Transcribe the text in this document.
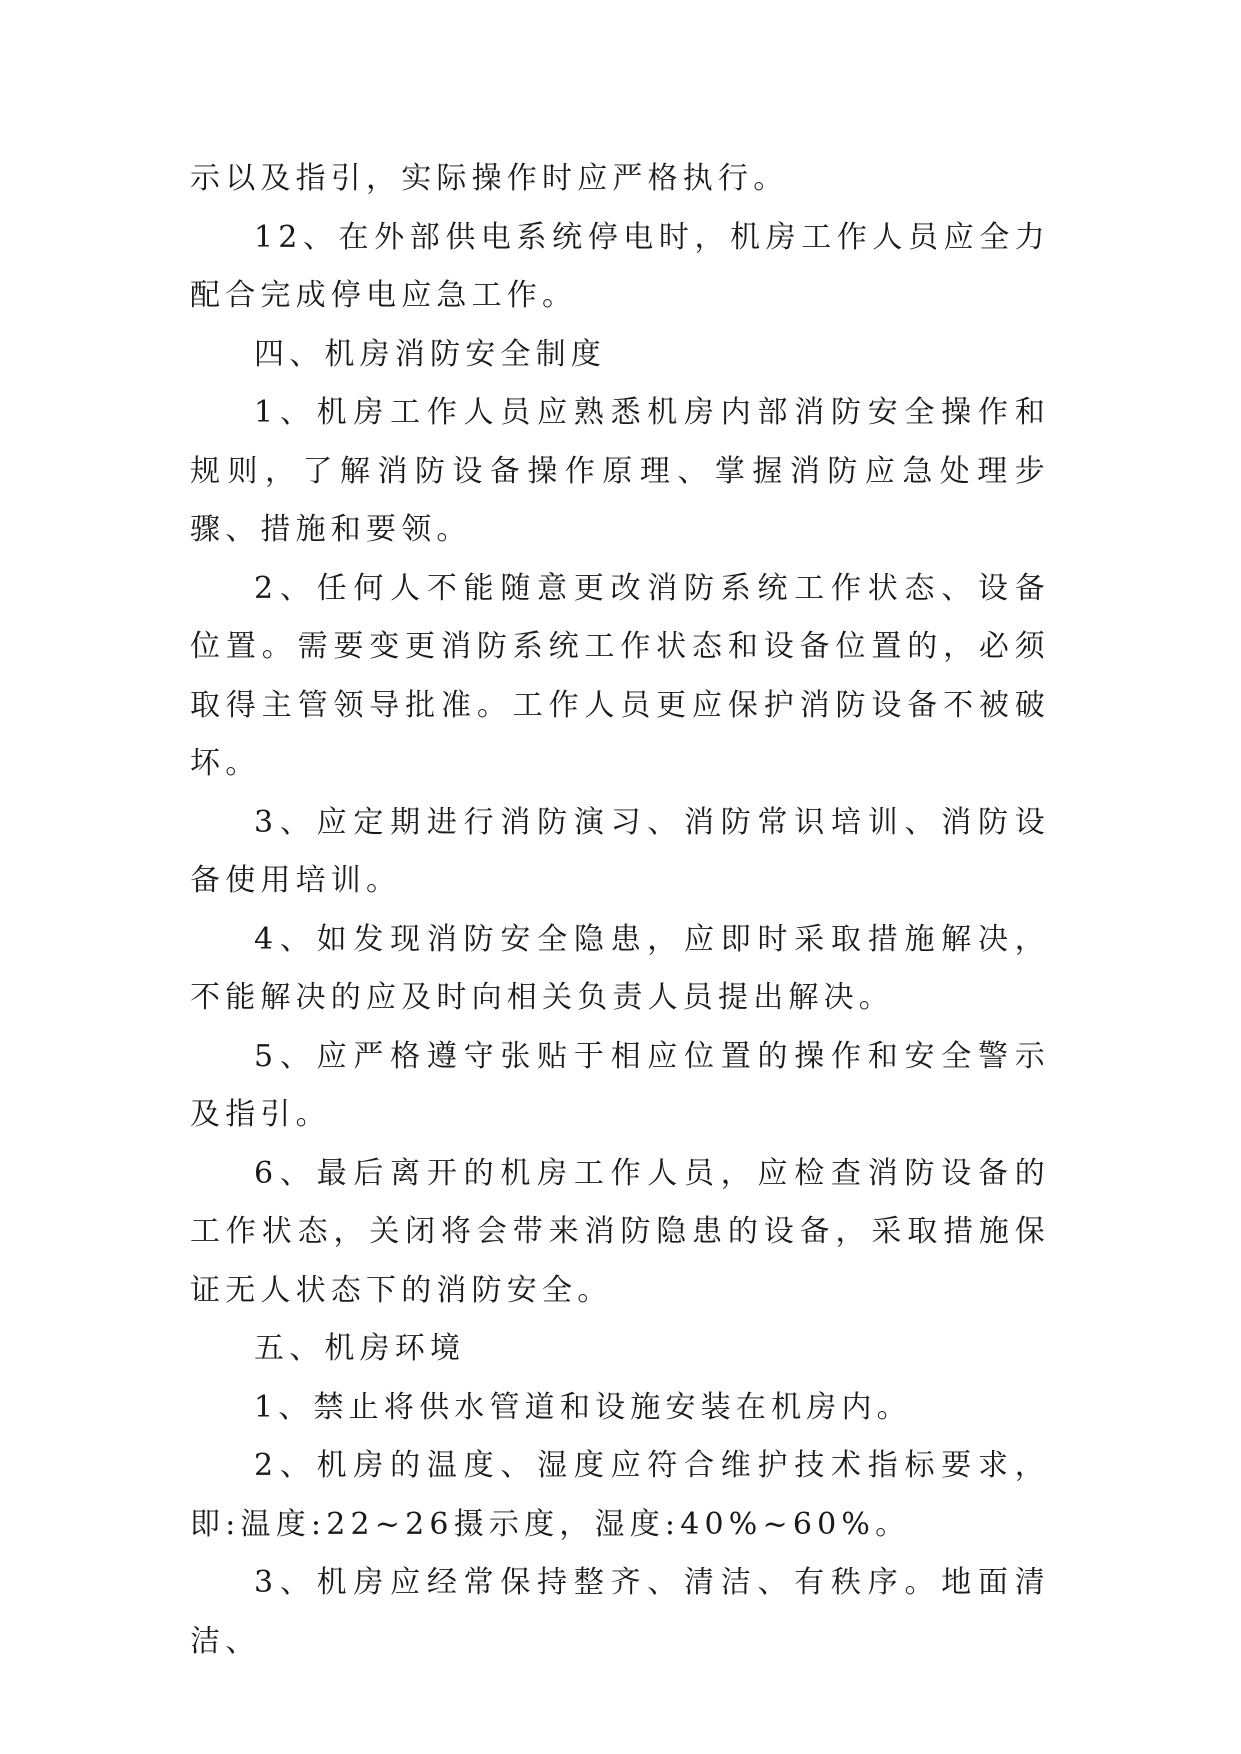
示以及指引，实际操作时应严格执行。

12、在外部供电系统停电时，机房工作人员应全力配合完成停电应急工作。

四、机房消防安全制度

1、机房工作人员应熟悉机房内部消防安全操作和规则，了解消防设备操作原理、掌握消防应急处理步骤、措施和要领。

2、任何人不能随意更改消防系统工作状态、设备位置。需要变更消防系统工作状态和设备位置的，必须取得主管领导批准。工作人员更应保护消防设备不被破坏。

3、应定期进行消防演习、消防常识培训、消防设备使用培训。

4、如发现消防安全隐患，应即时采取措施解决，不能解决的应及时向相关负责人员提出解决。

5、应严格遵守张贴于相应位置的操作和安全警示及指引。

6、最后离开的机房工作人员，应检查消防设备的工作状态，关闭将会带来消防隐患的设备，采取措施保证无人状态下的消防安全。

五、机房环境

1、禁止将供水管道和设施安装在机房内。

2、机房的温度、湿度应符合维护技术指标要求，即:温度:22~26摄示度，湿度:40%~60%。

3、机房应经常保持整齐、清洁、有秩序。地面清洁、
